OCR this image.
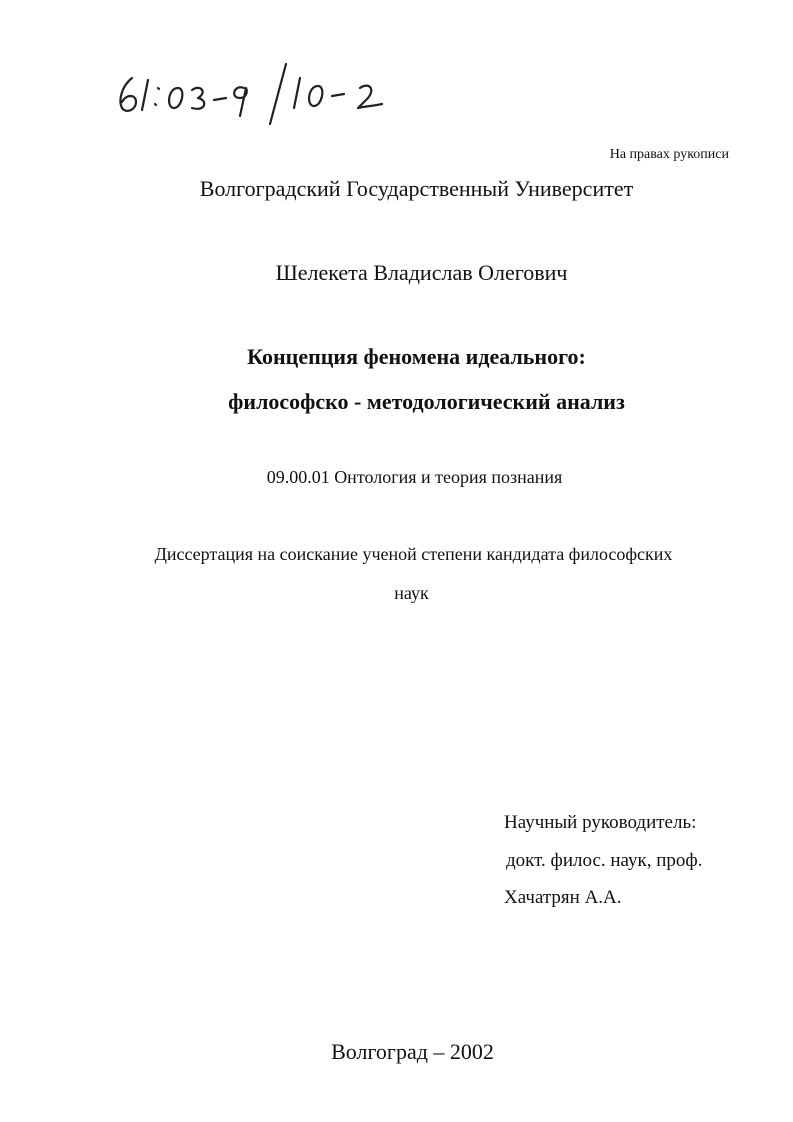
На правах рукописи
Волгоградский Государственный Университет
Шелекета Владислав Олегович
Концепция феномена идеального:
философско - методологический анализ
09.00.01 Онтология и теория познания
Диссертация на соискание ученой степени кандидата философских
наук
Научный руководитель:
докт. филос. наук, проф.
Хачатрян А.А.
Волгоград – 2002
